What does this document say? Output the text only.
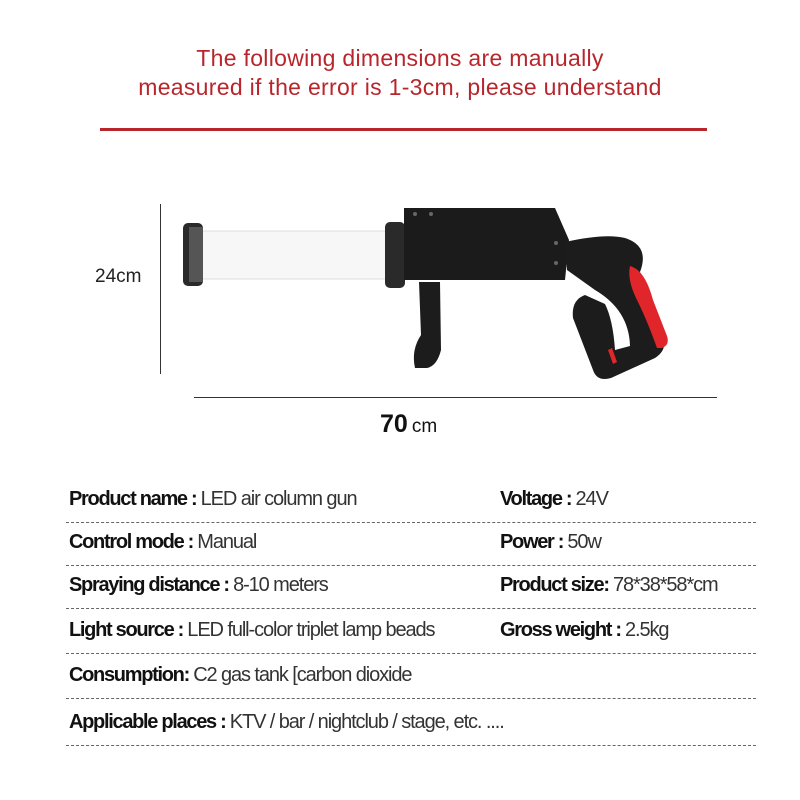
The following dimensions are manually
measured if the error is 1-3cm, please understand
24cm
70 cm
Product name : LED air column gun	Voltage : 24V
Control mode : Manual	Power : 50w
Spraying distance : 8-10 meters	Product size: 78*38*58*cm
Light source : LED full-color triplet lamp beads	Gross weight : 2.5kg
Consumption: C2 gas tank [carbon dioxide
Applicable places : KTV / bar / nightclub / stage, etc. ....
